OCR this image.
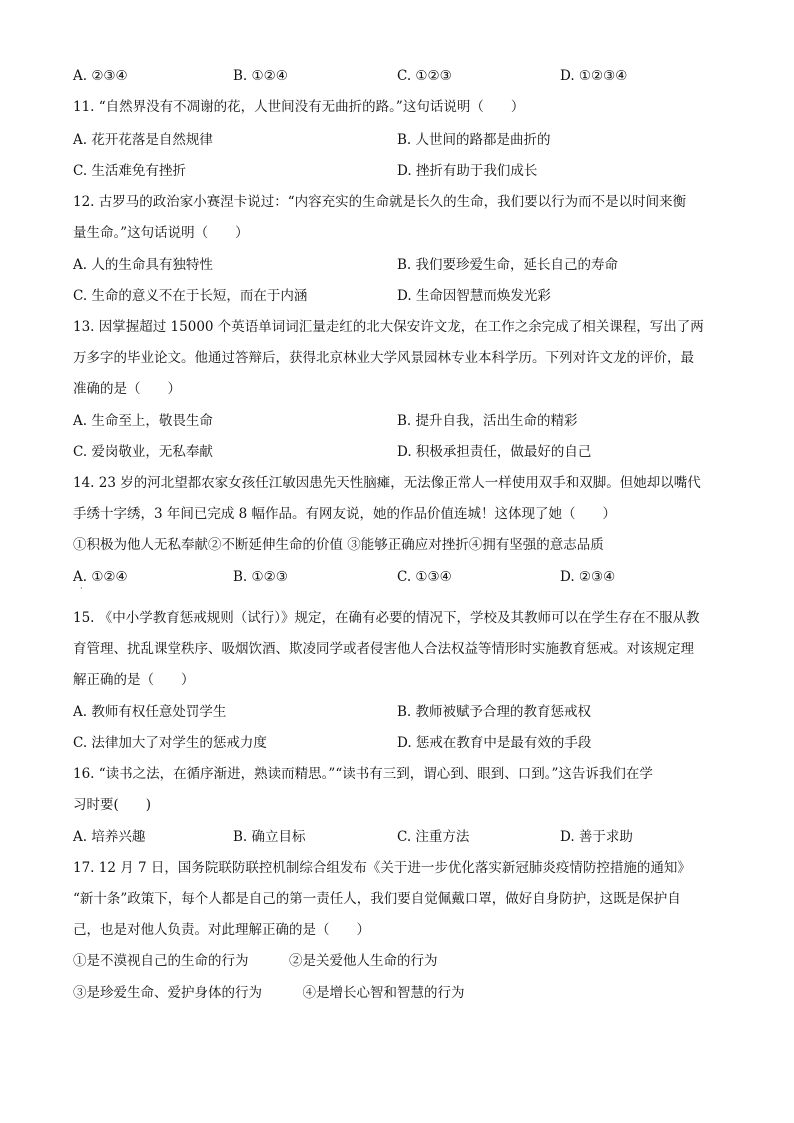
·
A. ②③④	B. ①②④	C. ①②③	D. ①②③④
11. “自然界没有不凋谢的花，人世间没有无曲折的路。”这句话说明（　　）
A. 花开花落是自然规律	B. 人世间的路都是曲折的
C. 生活难免有挫折	D. 挫折有助于我们成长
12. 古罗马的政治家小赛涅卡说过：“内容充实的生命就是长久的生命，我们要以行为而不是以时间来衡
量生命。”这句话说明（　　）
A. 人的生命具有独特性	B. 我们要珍爱生命，延长自己的寿命
C. 生命的意义不在于长短，而在于内涵	D. 生命因智慧而焕发光彩
13. 因掌握超过 15000 个英语单词词汇量走红的北大保安许文龙，在工作之余完成了相关课程，写出了两
万多字的毕业论文。他通过答辩后，获得北京林业大学风景园林专业本科学历。下列对许文龙的评价，最
准确的是（　　）
A. 生命至上，敬畏生命	B. 提升自我，活出生命的精彩
C. 爱岗敬业，无私奉献	D. 积极承担责任，做最好的自己
14. 23 岁的河北望都农家女孩任江敏因患先天性脑瘫，无法像正常人一样使用双手和双脚。但她却以嘴代
手绣十字绣，3 年间已完成 8 幅作品。有网友说，她的作品价值连城！这体现了她（　　）
①积极为他人无私奉献②不断延伸生命的价值 ③能够正确应对挫折④拥有坚强的意志品质
A. ①②④	B. ①②③	C. ①③④	D. ②③④
15. 《中小学教育惩戒规则（试行）》规定，在确有必要的情况下，学校及其教师可以在学生存在不服从教
育管理、扰乱课堂秩序、吸烟饮酒、欺凌同学或者侵害他人合法权益等情形时实施教育惩戒。对该规定理
解正确的是（　　）
A. 教师有权任意处罚学生	B. 教师被赋予合理的教育惩戒权
C. 法律加大了对学生的惩戒力度	D. 惩戒在教育中是最有效的手段
16. “读书之法，在循序渐进，熟读而精思。”“读书有三到，谓心到、眼到、口到。”这告诉我们在学
习时要(　　)
A. 培养兴趣	B. 确立目标	C. 注重方法	D. 善于求助
17. 12 月 7 日，国务院联防联控机制综合组发布《关于进一步优化落实新冠肺炎疫情防控措施的通知》
“新十条”政策下，每个人都是自己的第一责任人，我们要自觉佩戴口罩，做好自身防护，这既是保护自
己，也是对他人负责。对此理解正确的是（　　）
①是不漠视自己的生命的行为　　　②是关爱他人生命的行为
③是珍爱生命、爱护身体的行为　　　④是增长心智和智慧的行为
